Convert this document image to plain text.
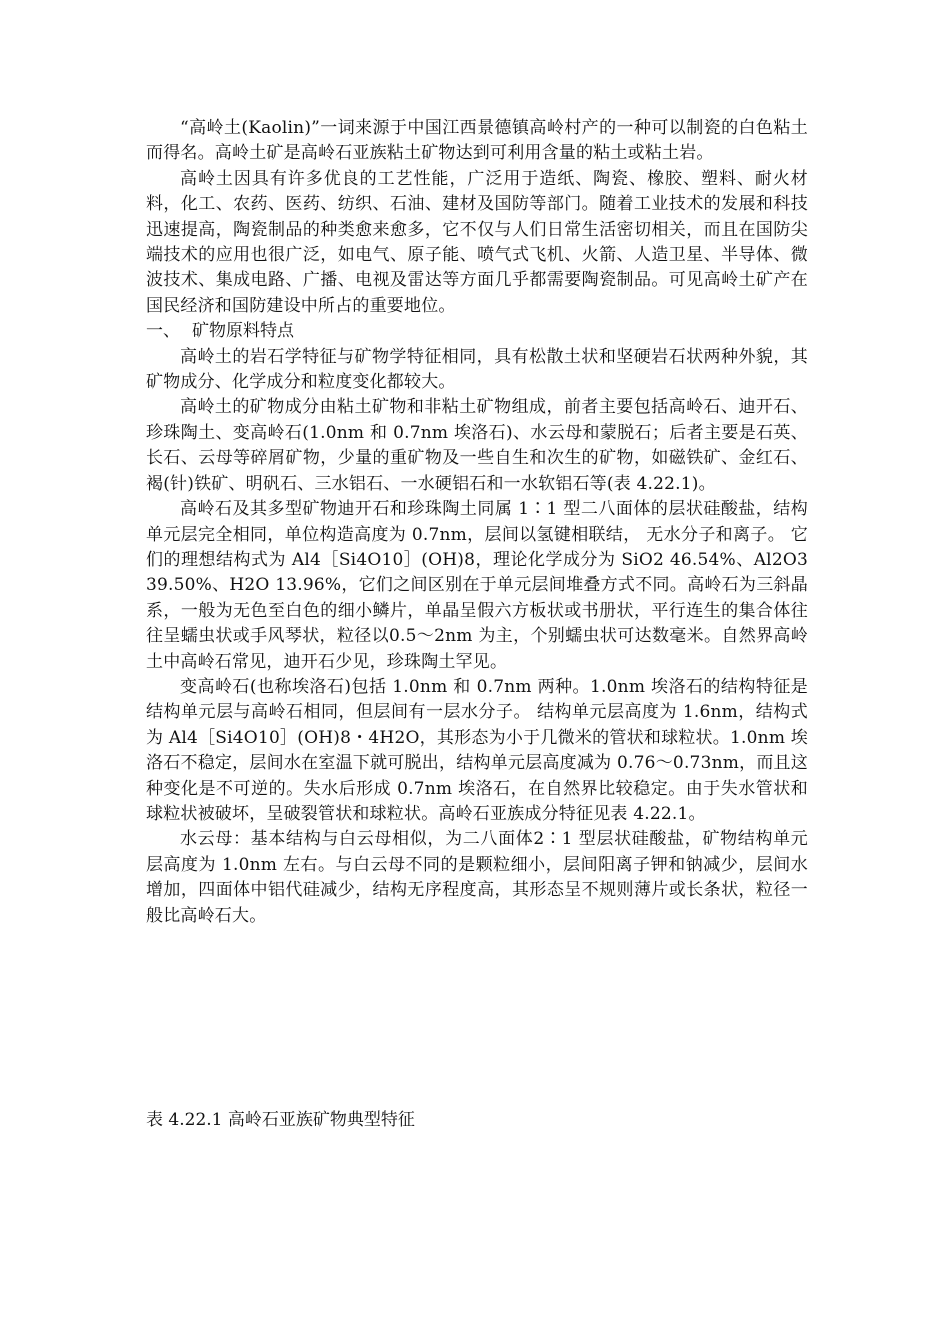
“高岭土(Kaolin)”一词来源于中国江西景德镇高岭村产的一种可以制瓷的白色粘土而得名。高岭土矿是高岭石亚族粘土矿物达到可利用含量的粘土或粘土岩。

高岭土因具有许多优良的工艺性能，广泛用于造纸、陶瓷、橡胶、塑料、耐火材料，化工、农药、医药、纺织、石油、建材及国防等部门。随着工业技术的发展和科技迅速提高，陶瓷制品的种类愈来愈多，它不仅与人们日常生活密切相关，而且在国防尖端技术的应用也很广泛，如电气、原子能、喷气式飞机、火箭、人造卫星、半导体、微波技术、集成电路、广播、电视及雷达等方面几乎都需要陶瓷制品。可见高岭土矿产在国民经济和国防建设中所占的重要地位。

一、 矿物原料特点

高岭土的岩石学特征与矿物学特征相同，具有松散土状和坚硬岩石状两种外貌，其矿物成分、化学成分和粒度变化都较大。

高岭土的矿物成分由粘土矿物和非粘土矿物组成，前者主要包括高岭石、迪开石、珍珠陶土、变高岭石(1.0nm 和 0.7nm 埃洛石)、水云母和蒙脱石；后者主要是石英、长石、云母等碎屑矿物，少量的重矿物及一些自生和次生的矿物，如磁铁矿、金红石、褐(针)铁矿、明矾石、三水铝石、一水硬铝石和一水软铝石等(表 4.22.1)。

高岭石及其多型矿物迪开石和珍珠陶土同属 1∶1 型二八面体的层状硅酸盐，结构单元层完全相同，单位构造高度为 0.7nm，层间以氢键相联结， 无水分子和离子。 它们的理想结构式为 Al4［Si4O10］(OH)8，理论化学成分为 SiO2 46.54%、Al2O3 39.50%、H2O 13.96%，它们之间区别在于单元层间堆叠方式不同。高岭石为三斜晶系，一般为无色至白色的细小鳞片，单晶呈假六方板状或书册状，平行连生的集合体往往呈蠕虫状或手风琴状，粒径以0.5～2nm 为主，个别蠕虫状可达数毫米。自然界高岭土中高岭石常见，迪开石少见，珍珠陶土罕见。

变高岭石(也称埃洛石)包括 1.0nm 和 0.7nm 两种。1.0nm 埃洛石的结构特征是结构单元层与高岭石相同，但层间有一层水分子。 结构单元层高度为 1.6nm，结构式为 Al4［Si4O10］(OH)8・4H2O，其形态为小于几微米的管状和球粒状。1.0nm 埃洛石不稳定，层间水在室温下就可脱出，结构单元层高度减为 0.76～0.73nm，而且这种变化是不可逆的。失水后形成 0.7nm 埃洛石，在自然界比较稳定。由于失水管状和球粒状被破坏，呈破裂管状和球粒状。高岭石亚族成分特征见表 4.22.1。

水云母：基本结构与白云母相似，为二八面体2∶1 型层状硅酸盐，矿物结构单元层高度为 1.0nm 左右。与白云母不同的是颗粒细小，层间阳离子钾和钠减少，层间水增加，四面体中铝代硅减少，结构无序程度高，其形态呈不规则薄片或长条状，粒径一般比高岭石大。

表 4.22.1 高岭石亚族矿物典型特征
